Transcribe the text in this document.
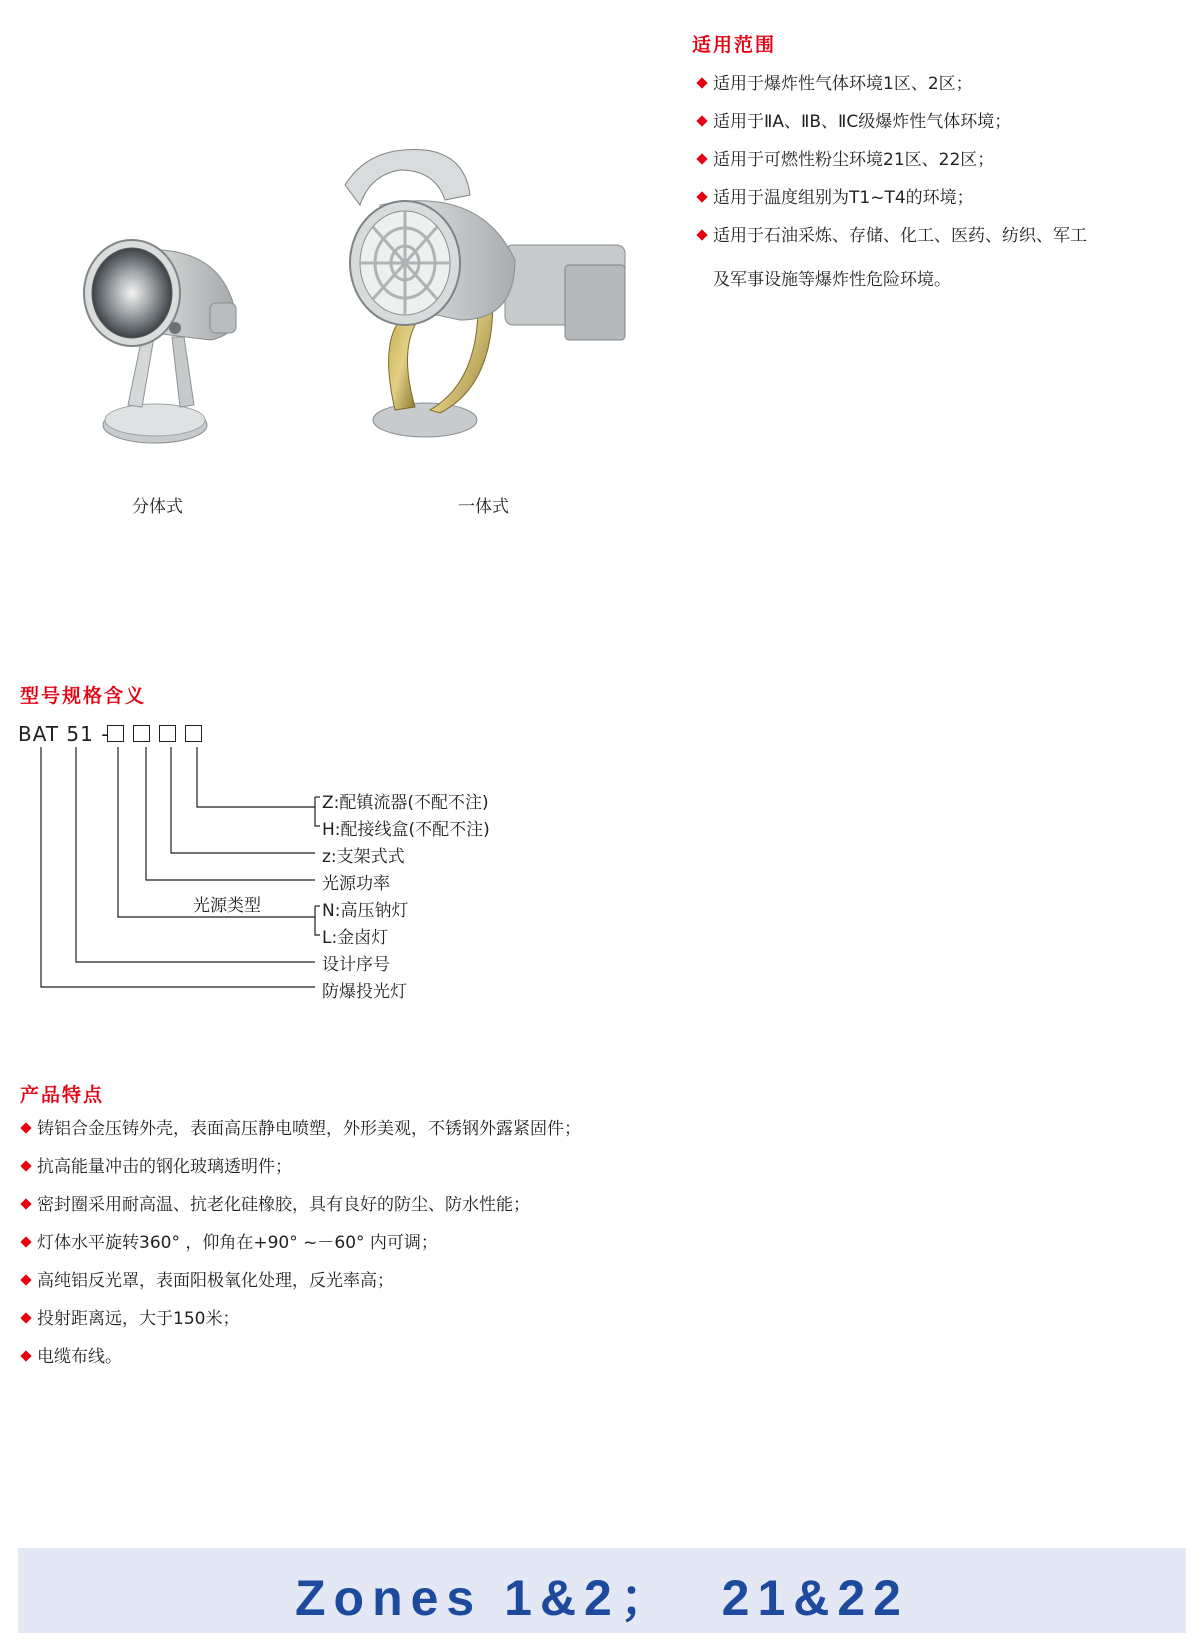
适用范围
适用于爆炸性气体环境1区、2区；
适用于ⅡA、ⅡB、ⅡC级爆炸性气体环境；
适用于可燃性粉尘环境21区、22区；
适用于温度组别为T1~T4的环境；
适用于石油采炼、存储、化工、医药、纺织、军工
及军事设施等爆炸性危险环境。
分体式	一体式
型号规格含义
BAT 51 -
Z:配镇流器(不配不注)
H:配接线盒(不配不注)
z:支架式式
光源功率
光源类型	N:高压钠灯
L:金卤灯
设计序号
防爆投光灯
产品特点
铸铝合金压铸外壳，表面高压静电喷塑，外形美观，不锈钢外露紧固件；
抗高能量冲击的钢化玻璃透明件；
密封圈采用耐高温、抗老化硅橡胶，具有良好的防尘、防水性能；
灯体水平旋转360° ，仰角在+90° ~－60° 内可调；
高纯铝反光罩，表面阳极氧化处理，反光率高；
投射距离远，大于150米；
电缆布线。
Zones 1&2；  21&22
